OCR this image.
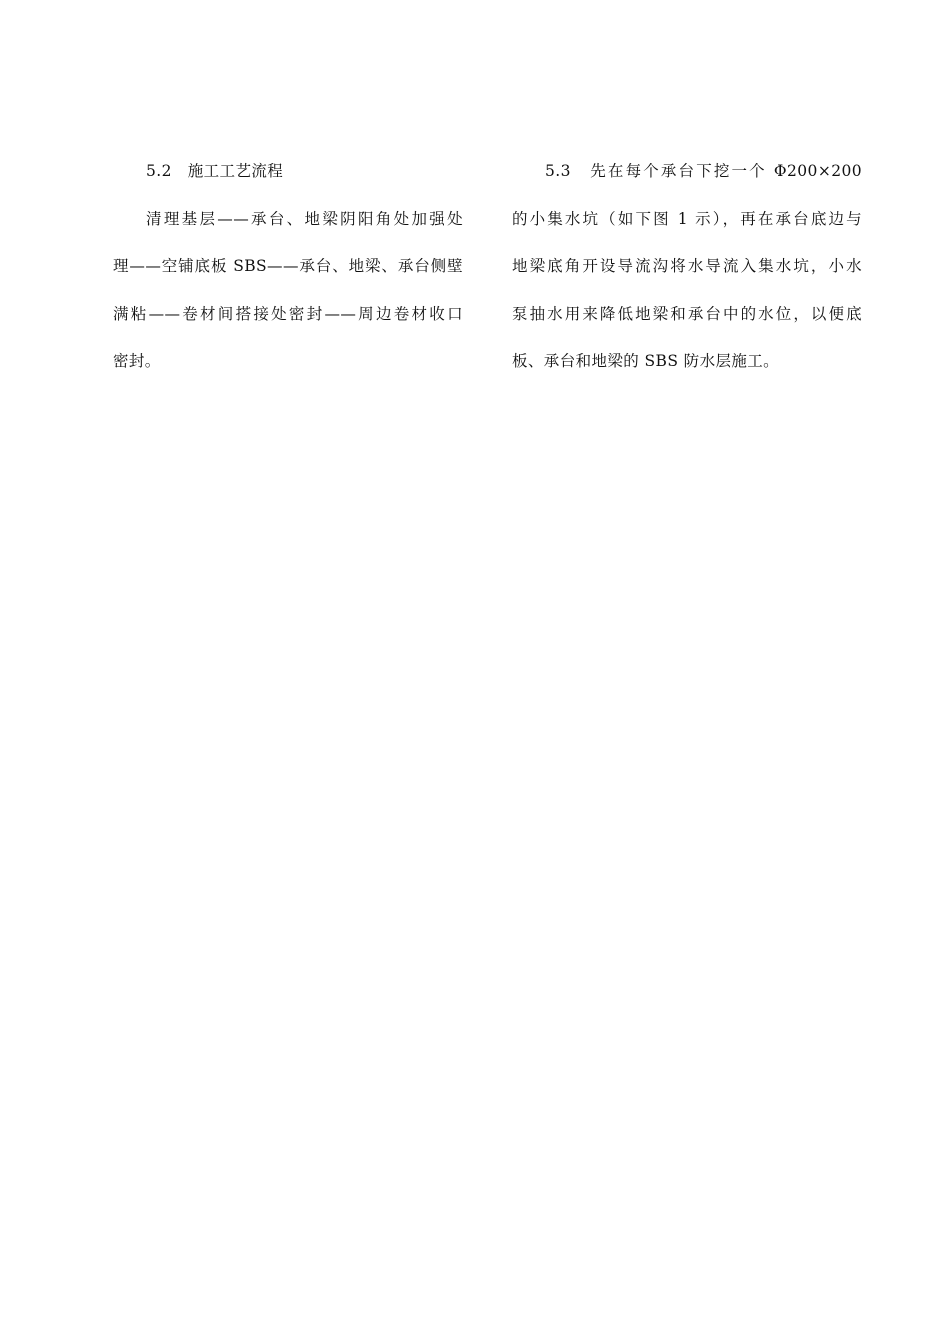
5.2　施工工艺流程
清理基层——承台、地梁阴阳角处加强处
理——空铺底板 SBS——承台、地梁、承台侧壁
满粘——卷材间搭接处密封——周边卷材收口
密封。
5.3　先在每个承台下挖一个 Φ200×200
的小集水坑（如下图 1 示），再在承台底边与
地梁底角开设导流沟将水导流入集水坑，小水
泵抽水用来降低地梁和承台中的水位，以便底
板、承台和地梁的 SBS 防水层施工。
